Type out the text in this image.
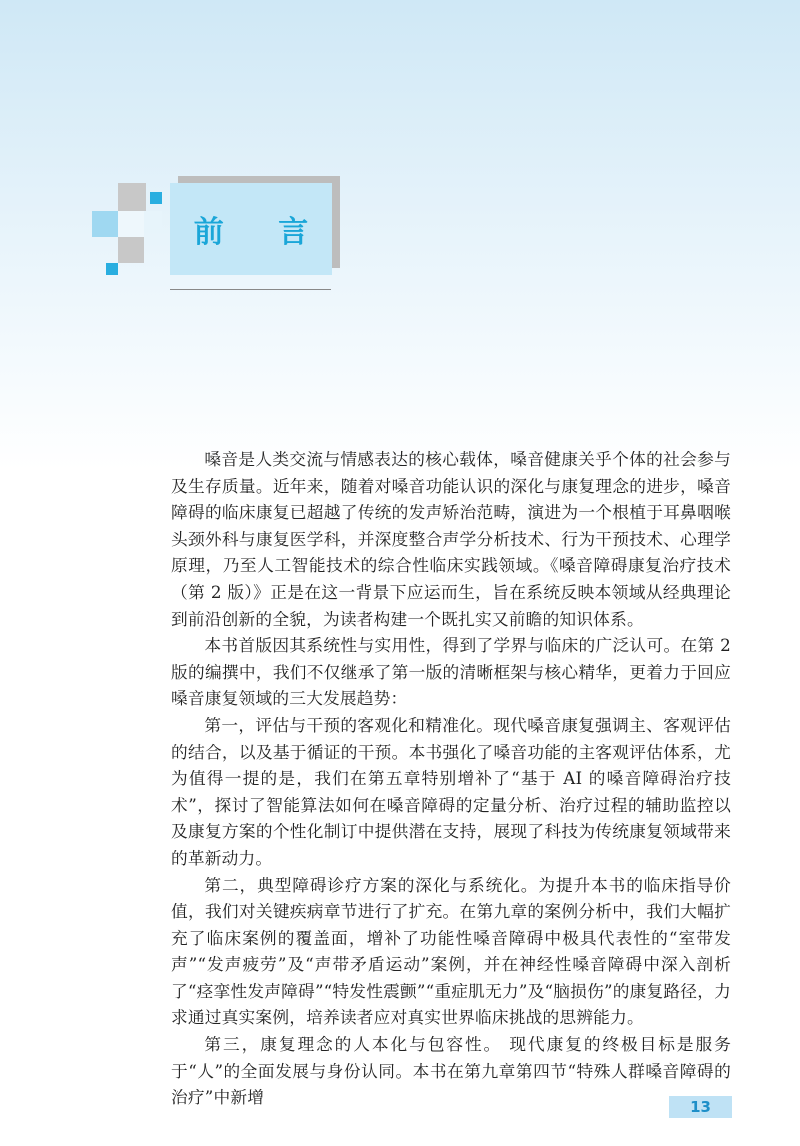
前 言

嗓音是人类交流与情感表达的核心载体，嗓音健康关乎个体的社会参与及生存质量。近年来，随着对嗓音功能认识的深化与康复理念的进步，嗓音障碍的临床康复已超越了传统的发声矫治范畴，演进为一个根植于耳鼻咽喉头颈外科与康复医学科，并深度整合声学分析技术、行为干预技术、心理学原理，乃至人工智能技术的综合性临床实践领域。《嗓音障碍康复治疗技术（第 2 版）》正是在这一背景下应运而生，旨在系统反映本领域从经典理论到前沿创新的全貌，为读者构建一个既扎实又前瞻的知识体系。

本书首版因其系统性与实用性，得到了学界与临床的广泛认可。在第 2 版的编撰中，我们不仅继承了第一版的清晰框架与核心精华，更着力于回应嗓音康复领域的三大发展趋势：

第一，评估与干预的客观化和精准化。现代嗓音康复强调主、客观评估的结合，以及基于循证的干预。本书强化了嗓音功能的主客观评估体系，尤为值得一提的是，我们在第五章特别增补了“基于 AI 的嗓音障碍治疗技术”，探讨了智能算法如何在嗓音障碍的定量分析、治疗过程的辅助监控以及康复方案的个性化制订中提供潜在支持，展现了科技为传统康复领域带来的革新动力。

第二，典型障碍诊疗方案的深化与系统化。为提升本书的临床指导价值，我们对关键疾病章节进行了扩充。在第九章的案例分析中，我们大幅扩充了临床案例的覆盖面，增补了功能性嗓音障碍中极具代表性的“室带发声”“发声疲劳”及“声带矛盾运动”案例，并在神经性嗓音障碍中深入剖析了“痉挛性发声障碍”“特发性震颤”“重症肌无力”及“脑损伤”的康复路径，力求通过真实案例，培养读者应对真实世界临床挑战的思辨能力。

第三，康复理念的人本化与包容性。 现代康复的终极目标是服务于“人”的全面发展与身份认同。本书在第九章第四节“特殊人群嗓音障碍的治疗”中新增	13
